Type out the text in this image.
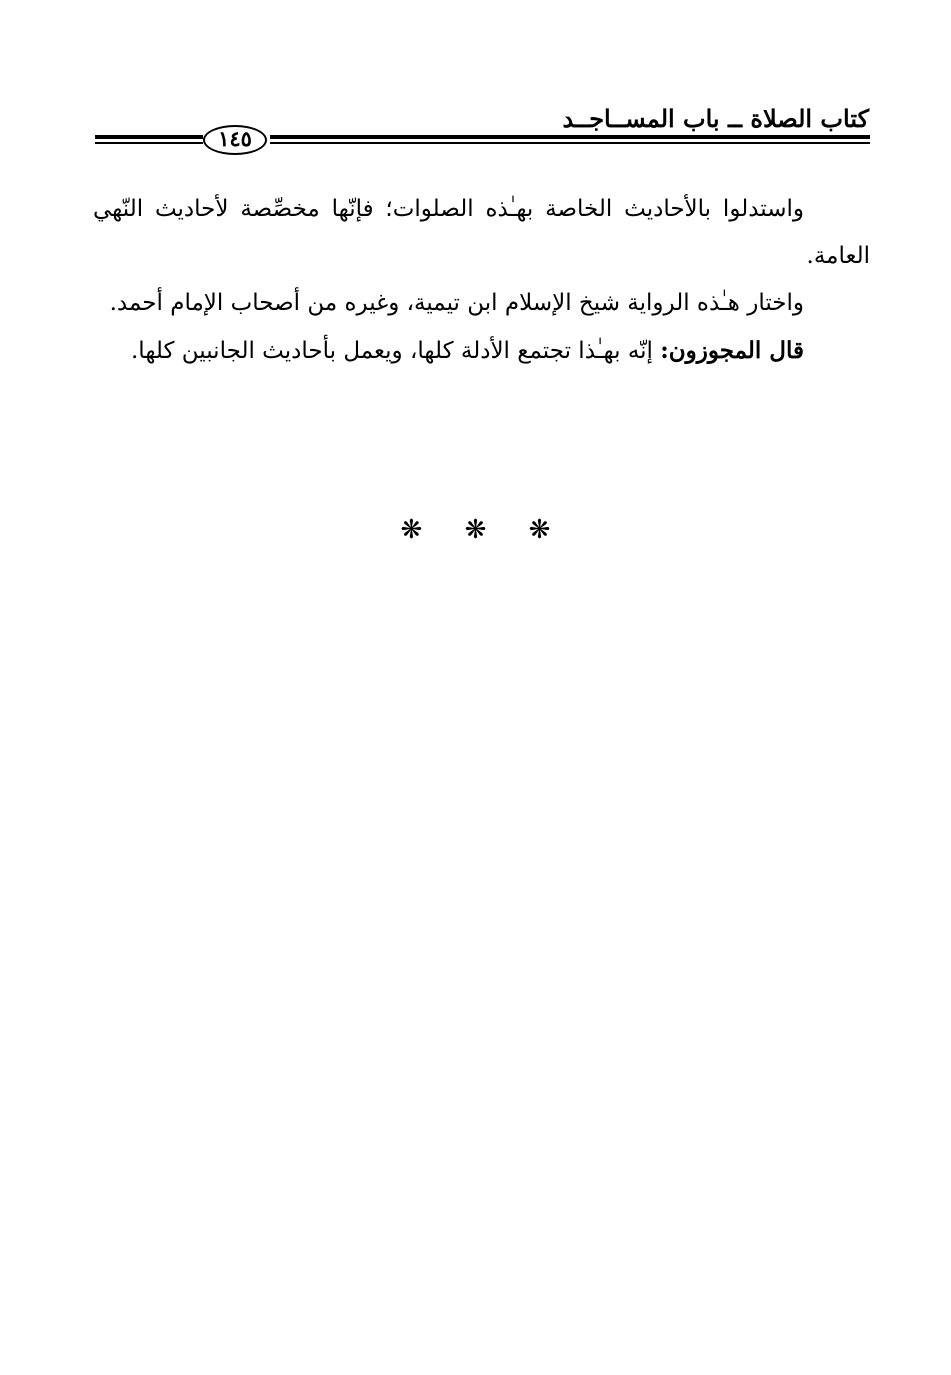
كتاب الصلاة ــ باب المســاجــد
١٤٥

واستدلوا بالأحاديث الخاصة بهـٰذه الصلوات؛ فإنّها مخصِّصة لأحاديث النّهي العامة.

واختار هـٰذه الرواية شيخ الإسلام ابن تيمية، وغيره من أصحاب الإمام أحمد.

قال المجوزون: إنّه بهـٰذا تجتمع الأدلة كلها، ويعمل بأحاديث الجانبين كلها.

❋ ❋ ❋
